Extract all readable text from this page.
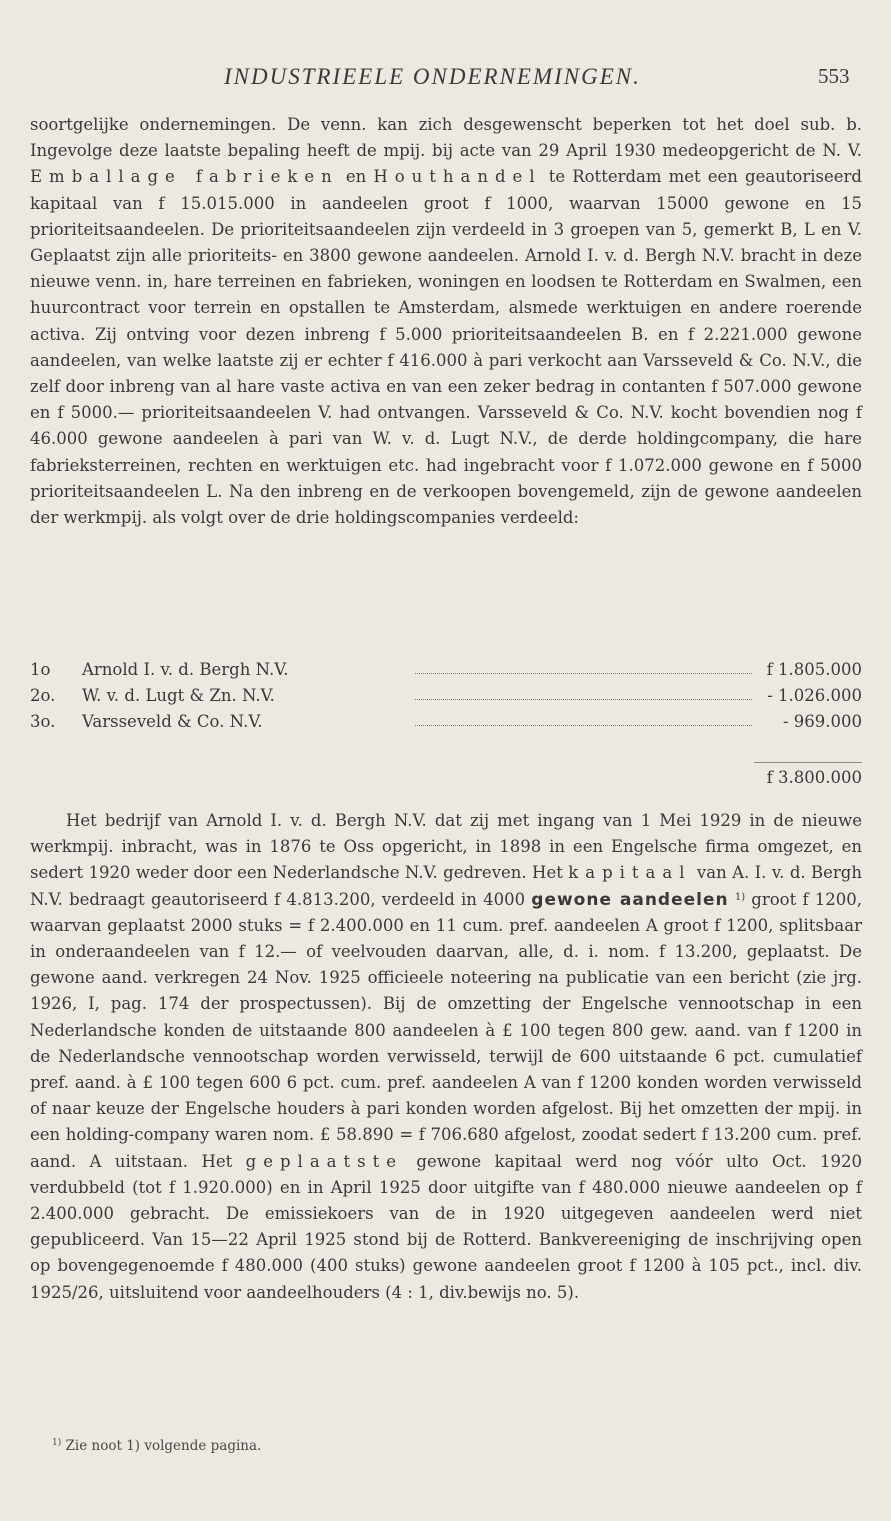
INDUSTRIEELE ONDERNEMINGEN.	553

soortgelijke ondernemingen. De venn. kan zich desgewenscht beperken tot het doel sub. b. Ingevolge deze laatste bepaling heeft de mpij. bij acte van 29 April 1930 medeopgericht de N. V. Emballage fabrieken en Houthandel te Rotterdam met een geautoriseerd kapitaal van f 15.015.000 in aandeelen groot f 1000, waarvan 15000 gewone en 15 prioriteitsaandeelen. De prioriteitsaandeelen zijn verdeeld in 3 groepen van 5, gemerkt B, L en V. Geplaatst zijn alle prioriteits- en 3800 gewone aandeelen. Arnold I. v. d. Bergh N.V. bracht in deze nieuwe venn. in, hare terreinen en fabrieken, woningen en loodsen te Rotterdam en Swalmen, een huurcontract voor terrein en opstallen te Amsterdam, alsmede werktuigen en andere roerende activa. Zij ontving voor dezen inbreng f 5.000 prioriteitsaandeelen B. en f 2.221.000 gewone aandeelen, van welke laatste zij er echter f 416.000 à pari verkocht aan Varsseveld & Co. N.V., die zelf door inbreng van al hare vaste activa en van een zeker bedrag in contanten f 507.000 gewone en f 5000.— prioriteitsaandeelen V. had ontvangen. Varsseveld & Co. N.V. kocht bovendien nog f 46.000 gewone aandeelen à pari van W. v. d. Lugt N.V., de derde holdingcompany, die hare fabrieksterreinen, rechten en werktuigen etc. had ingebracht voor f 1.072.000 gewone en f 5000 prioriteitsaandeelen L. Na den inbreng en de verkoopen bovengemeld, zijn de gewone aandeelen der werkmpij. als volgt over de drie holdingscompanies verdeeld:

1o Arnold I. v. d. Bergh N.V.	f 1.805.000
2o. W. v. d. Lugt & Zn. N.V.	- 1.026.000
3o. Varsseveld & Co. N.V.	- 969.000
f 3.800.000

Het bedrijf van Arnold I. v. d. Bergh N.V. dat zij met ingang van 1 Mei 1929 in de nieuwe werkmpij. inbracht, was in 1876 te Oss opgericht, in 1898 in een Engelsche firma omgezet, en sedert 1920 weder door een Nederlandsche N.V. gedreven. Het kapitaal van A. I. v. d. Bergh N.V. bedraagt geautoriseerd f 4.813.200, verdeeld in 4000 gewone aandeelen $^{1)}$ groot f 1200, waarvan geplaatst 2000 stuks = f 2.400.000 en 11 cum. pref. aandeelen A groot f 1200, splitsbaar in onderaandeelen van f 12.— of veelvouden daarvan, alle, d. i. nom. f 13.200, geplaatst. De gewone aand. verkregen 24 Nov. 1925 officieele noteering na publicatie van een bericht (zie jrg. 1926, I, pag. 174 der prospectussen). Bij de omzetting der Engelsche vennootschap in een Nederlandsche konden de uitstaande 800 aandeelen à £ 100 tegen 800 gew. aand. van f 1200 in de Nederlandsche vennootschap worden verwisseld, terwijl de 600 uitstaande 6 pct. cumulatief pref. aand. à £ 100 tegen 600 6 pct. cum. pref. aandeelen A van f 1200 konden worden verwisseld of naar keuze der Engelsche houders à pari konden worden afgelost. Bij het omzetten der mpij. in een holding-company waren nom. £ 58.890 = f 706.680 afgelost, zoodat sedert f 13.200 cum. pref. aand. A uitstaan. Het geplaatste gewone kapitaal werd nog vóór ulto Oct. 1920 verdubbeld (tot f 1.920.000) en in April 1925 door uitgifte van f 480.000 nieuwe aandeelen op f 2.400.000 gebracht. De emissiekoers van de in 1920 uitgegeven aandeelen werd niet gepubliceerd. Van 15—22 April 1925 stond bij de Rotterd. Bankvereeniging de inschrijving open op bovengegenoemde f 480.000 (400 stuks) gewone aandeelen groot f 1200 à 105 pct., incl. div. 1925/26, uitsluitend voor aandeelhouders (4 : 1, div.bewijs no. 5).

$^{1)}$ Zie noot 1) volgende pagina.
